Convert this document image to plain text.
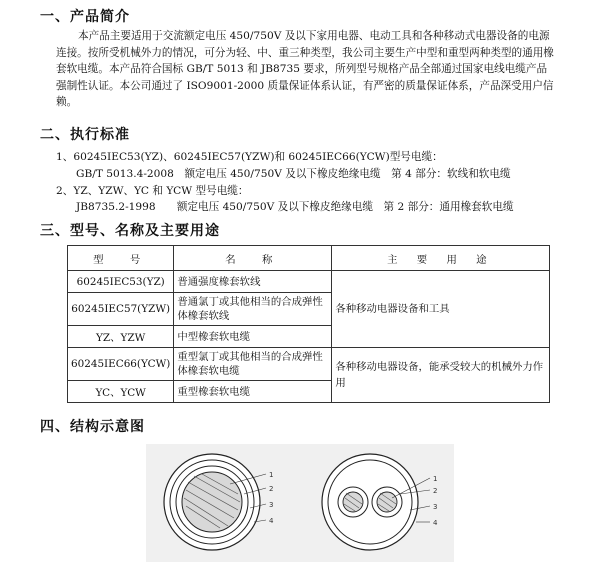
一、产品简介

本产品主要适用于交流额定电压 450/750V 及以下家用电器、电动工具和各种移动式电器设备的电源连接。按所受机械外力的情况，可分为轻、中、重三种类型，我公司主要生产中型和重型两种类型的通用橡套软电缆。本产品符合国标 GB/T 5013 和 JB8735 要求，所列型号规格产品全部通过国家电线电缆产品强制性认证。本公司通过了 ISO9001-2000 质量保证体系认证，有严密的质量保证体系，产品深受用户信赖。

二、执行标准
1、60245IEC53(YZ)、60245IEC57(YZW)和 60245IEC66(YCW)型号电缆：
GB/T 5013.4-2008　额定电压 450/750V 及以下橡皮绝缘电缆　第 4 部分：软线和软电缆
2、YZ、YZW、YC 和 YCW 型号电缆：
JB8735.2-1998　　额定电压 450/750V 及以下橡皮绝缘电缆　第 2 部分：通用橡套软电缆
三、型号、名称及主要用途
型　号	名　称	主 要 用 途
60245IEC53(YZ)	普通强度橡套软线	各种移动电器设备和工具
60245IEC57(YZW)	普通氯丁或其他相当的合成弹性体橡套软线	
YZ、YZW	中型橡套软电缆	
60245IEC66(YCW)	重型氯丁或其他相当的合成弹性体橡套软电缆	各种移动电器设备，能承受较大的机械外力作用
YC、YCW	重型橡套软电缆	
四、结构示意图
1
2
3
4
1
2
3
4
